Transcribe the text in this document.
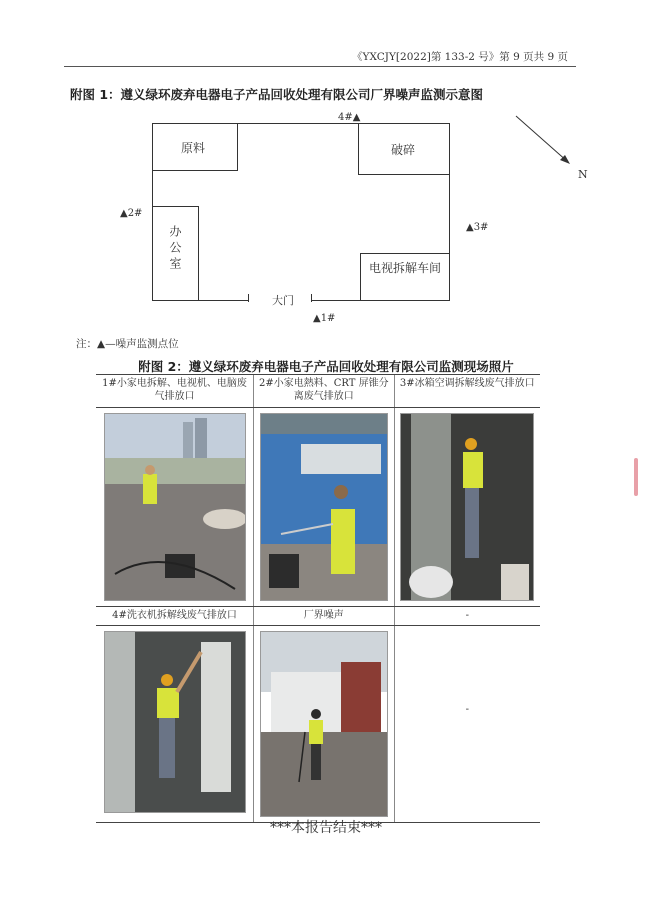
《YXCJY[2022]第 133-2 号》第 9 页共 9 页
附图 1：遵义绿环废弃电器电子产品回收处理有限公司厂界噪声监测示意图
大门
原料	破碎
办公室	电视拆解车间
▲1#
▲2#
▲3#
4#▲
N
注：▲—噪声监测点位
附图 2：遵义绿环废弃电器电子产品回收处理有限公司监测现场照片
1#小家电拆解、电视机、电脑废气排放口	2#小家电熱料、CRT 屏锥分离废气排放口	3#冰箱空调拆解线废气排放口

4#洗衣机拆解线废气排放口	厂界噪声	-

-
***本报告结束***
